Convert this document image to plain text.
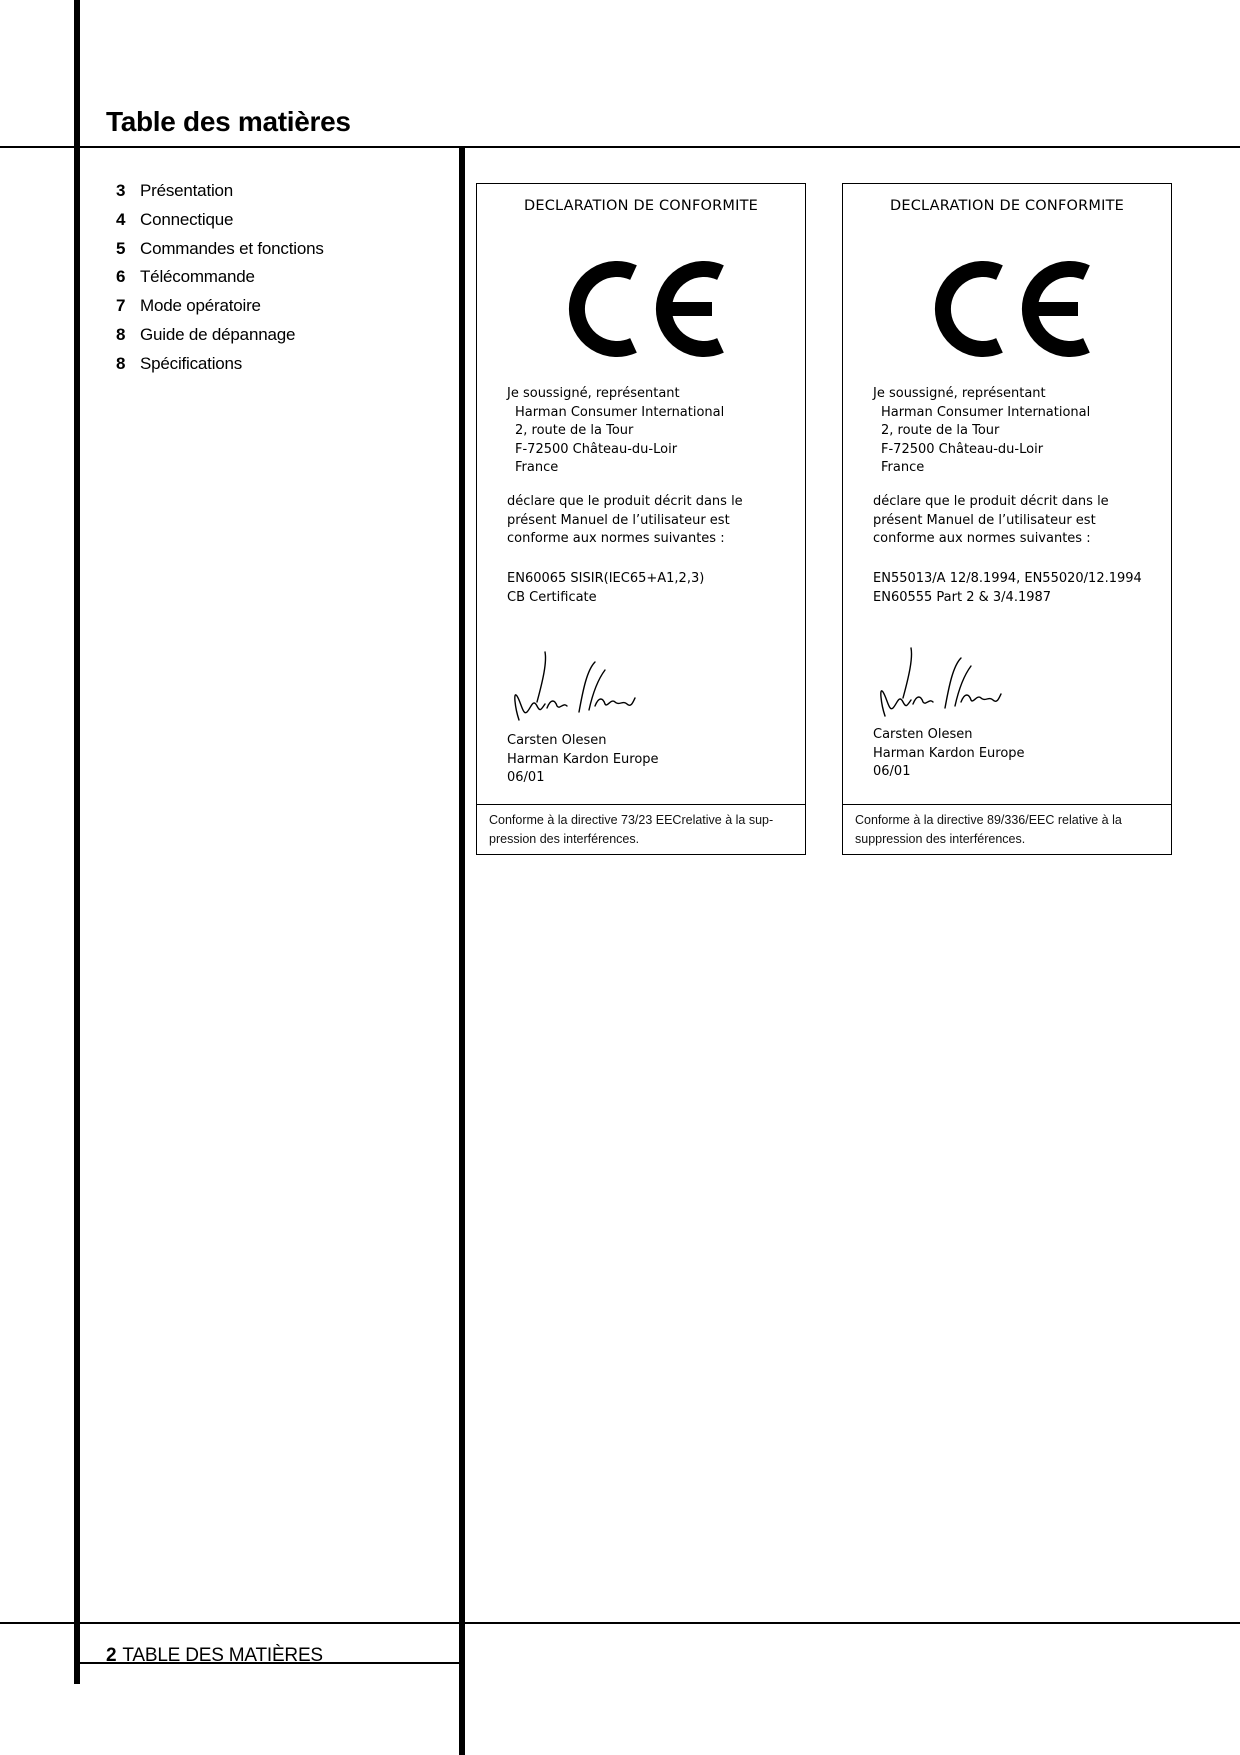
Table des matières
3 Présentation
4 Connectique
5 Commandes et fonctions
6 Télécommande
7 Mode opératoire
8 Guide de dépannage
8 Spécifications
2 TABLE DES MATIÈRES
DECLARATION DE CONFORMITE
Je soussigné, représentant
Harman Consumer International
2, route de la Tour
F-72500 Château-du-Loir
France
déclare que le produit décrit dans le
présent Manuel de l’utilisateur est
conforme aux normes suivantes :
EN60065 SISIR(IEC65+A1,2,3)
CB Certificate
Carsten Olesen
Harman Kardon Europe
06/01
Conforme à la directive 73/23 EECrelative à la sup- pression des interférences.
DECLARATION DE CONFORMITE
Je soussigné, représentant
Harman Consumer International
2, route de la Tour
F-72500 Château-du-Loir
France
déclare que le produit décrit dans le
présent Manuel de l’utilisateur est
conforme aux normes suivantes :
EN55013/A 12/8.1994, EN55020/12.1994
EN60555 Part 2 & 3/4.1987
Carsten Olesen
Harman Kardon Europe
06/01
Conforme à la directive 89/336/EEC relative à la suppression des interférences.
